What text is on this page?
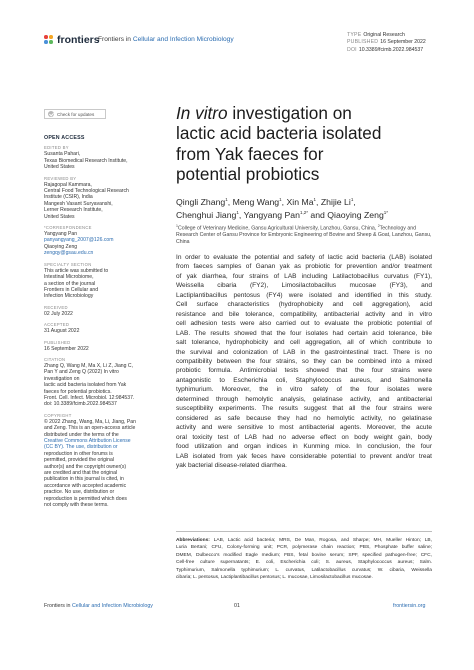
frontiers
Frontiers in Cellular and Infection Microbiology
TYPE Original Research
PUBLISHED 16 September 2022
DOI 10.3389/fcimb.2022.984537
Check for updates
OPEN ACCESS
EDITED BY
Susanta Pahari,
Texas Biomedical Research Institute,
United States
REVIEWED BY
Rajagopal Kammara,
Central Food Technological Research
Institute (CSIR), India
Mangesh Vasant Suryavanshi,
Lerner Research Institute,
United States
*CORRESPONDENCE
Yangyang Pan
panyangyang_2007@126.com
Qiaoying Zeng
zengqy@gsau.edu.cn
SPECIALTY SECTION
This article was submitted to
Intestinal Microbiome,
a section of the journal
Frontiers in Cellular and
Infection Microbiology
RECEIVED
02 July 2022
ACCEPTED
31 August 2022
PUBLISHED
16 September 2022
CITATION
Zhang Q, Wang M, Ma X, Li Z, Jiang C,
Pan Y and Zeng Q (2022) In vitro
investigation on
lactic acid bacteria isolated from Yak
faeces for potential probiotics.
Front. Cell. Infect. Microbiol. 12:984537.
doi: 10.3389/fcimb.2022.984537
COPYRIGHT
© 2022 Zhang, Wang, Ma, Li, Jiang, Pan
and Zeng. This is an open-access article
distributed under the terms of the
Creative Commons Attribution License
(CC BY). The use, distribution or
reproduction in other forums is
permitted, provided the original
author(s) and the copyright owner(s)
are credited and that the original
publication in this journal is cited, in
accordance with accepted academic
practice. No use, distribution or
reproduction is permitted which does
not comply with these terms.
In vitro investigation on
lactic acid bacteria isolated
from Yak faeces for
potential probiotics
Qingli Zhang$^1$, Meng Wang$^1$, Xin Ma$^1$, Zhijie Li$^1$,
Chenghui Jiang$^1$, Yangyang Pan$^{1,2*}$ and Qiaoying Zeng$^{1*}$
$^1$College of Veterinary Medicine, Gansu Agricultural University, Lanzhou, Gansu, China, $^2$Technology and Research Center of Gansu Province for Embryonic Engineering of Bovine and Sheep & Goat, Lanzhou, Gansu, China
In order to evaluate the potential and safety of lactic acid bacteria (LAB) isolated
from faeces samples of Ganan yak as probiotic for prevention and/or treatment
of yak diarrhea, four strains of LAB including Latilactobacillus curvatus (FY1),
Weissella cibaria (FY2), Limosilactobacillus mucosae (FY3), and
Lactiplantibacillus pentosus (FY4) were isolated and identified in this study.
Cell surface characteristics (hydrophobicity and cell aggregation), acid
resistance and bile tolerance, compatibility, antibacterial activity and in vitro
cell adhesion tests were also carried out to evaluate the probiotic potential of
LAB. The results showed that the four isolates had certain acid tolerance, bile
salt tolerance, hydrophobicity and cell aggregation, all of which contribute to
the survival and colonization of LAB in the gastrointestinal tract. There is no
compatibility between the four strains, so they can be combined into a mixed
probiotic formula. Antimicrobial tests showed that the four strains were
antagonistic to Escherichia coli, Staphylococcus aureus, and Salmonella
typhimurium. Moreover, the in vitro safety of the four isolates were
determined through hemolytic analysis, gelatinase activity, and antibacterial
susceptibility experiments. The results suggest that all the four strains were
considered as safe because they had no hemolytic activity, no gelatinase
activity and were sensitive to most antibacterial agents. Moreover, the acute
oral toxicity test of LAB had no adverse effect on body weight gain, body
food utilization and organ indices in Kunming mice. In conclusion, the four
LAB isolated from yak feces have considerable potential to prevent and/or treat
yak bacterial disease-related diarrhea.
Abbreviations: LAB, Lactic acid bacteria; MRS, De Man, Rogosa, and Sharpe; MH, Mueller Hinton; LB,
Luria Bertani; CFU, Colony-forming unit; PCR, polymerase chain reaction; PBS, Phosphate buffer saline;
DMEM, Dulbecco's modified Eagle medium; FBS, fetal bovine serum; SPF, specified pathogen-free; CFC,
Cell-free culture supernatants; E. coli, Escherichia coli; S. aureus, Staphylococcus aureus; Salm.
Typhimurium, Salmonella typhimurium; L. curvatus, Latilactobacillus curvatus; W. cibaria, Weissella
cibaria; L. pentosus, Lactiplantibacillus pentosus; L. mucosae, Limosilactobacillus mucosae.
Frontiers in Cellular and Infection Microbiology	01	frontiersin.org
